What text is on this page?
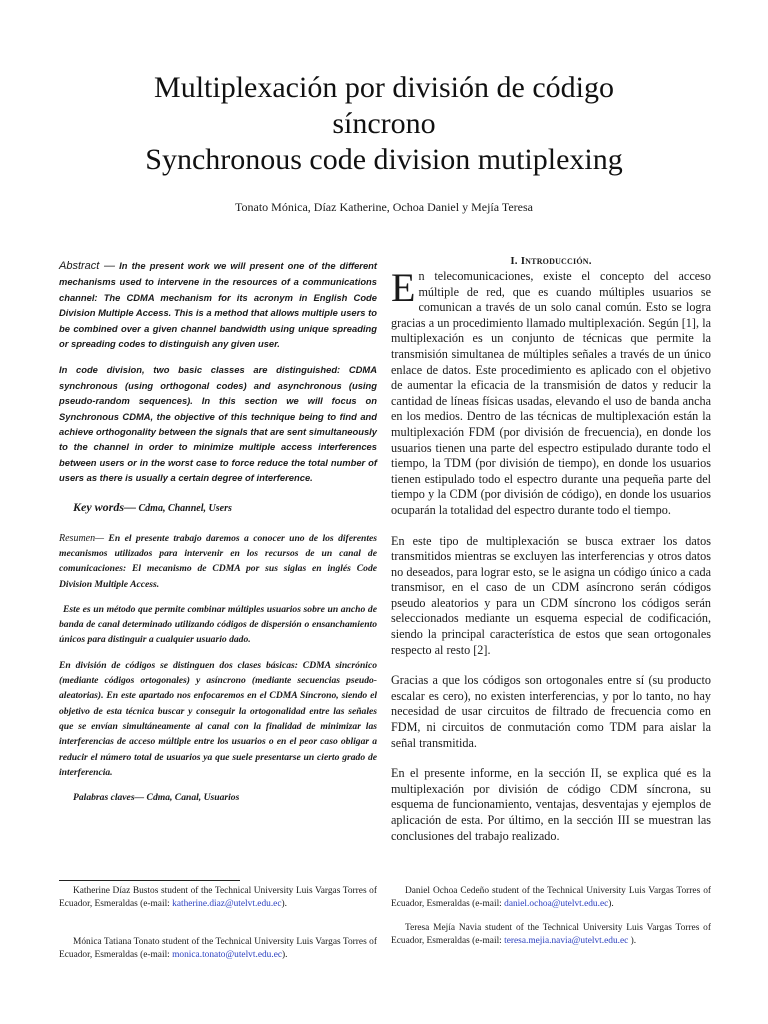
Multiplexación por división de código
síncrono
Synchronous code division mutiplexing
Tonato Mónica, Díaz Katherine, Ochoa Daniel y Mejía Teresa

Abstract — In the present work we will present one of the different mechanisms used to intervene in the resources of a communications channel: The CDMA mechanism for its acronym in English Code Division Multiple Access. This is a method that allows multiple users to be combined over a given channel bandwidth using unique spreading or spreading codes to distinguish any given user.

In code division, two basic classes are distinguished: CDMA synchronous (using orthogonal codes) and asynchronous (using pseudo-random sequences). In this section we will focus on Synchronous CDMA, the objective of this technique being to find and achieve orthogonality between the signals that are sent simultaneously to the channel in order to minimize multiple access interferences between users or in the worst case to force reduce the total number of users as there is usually a certain degree of interference.

Key words— Cdma, Channel, Users

Resumen— En el presente trabajo daremos a conocer uno de los diferentes mecanismos utilizados para intervenir en los recursos de un canal de comunicaciones: El mecanismo de CDMA por sus siglas en inglés Code Division Multiple Access.

Este es un método que permite combinar múltiples usuarios sobre un ancho de banda de canal determinado utilizando códigos de dispersión o ensanchamiento únicos para distinguir a cualquier usuario dado.

En división de códigos se distinguen dos clases básicas: CDMA sincrónico (mediante códigos ortogonales) y asíncrono (mediante secuencias pseudo-aleatorias). En este apartado nos enfocaremos en el CDMA Síncrono, siendo el objetivo de esta técnica buscar y conseguir la ortogonalidad entre las señales que se envían simultáneamente al canal con la finalidad de minimizar las interferencias de acceso múltiple entre los usuarios o en el peor caso obligar a reducir el número total de usuarios ya que suele presentarse un cierto grado de interferencia.

Palabras claves— Cdma, Canal, Usuarios
I. Introducción.

En telecomunicaciones, existe el concepto del acceso múltiple de red, que es cuando múltiples usuarios se comunican a través de un solo canal común. Esto se logra gracias a un procedimiento llamado multiplexación. Según [1], la multiplexación es un conjunto de técnicas que permite la transmisión simultanea de múltiples señales a través de un único enlace de datos. Este procedimiento es aplicado con el objetivo de aumentar la eficacia de la transmisión de datos y reducir la cantidad de líneas físicas usadas, elevando el uso de banda ancha en los medios. Dentro de las técnicas de multiplexación están la multiplexación FDM (por división de frecuencia), en donde los usuarios tienen una parte del espectro estipulado durante todo el tiempo, la TDM (por división de tiempo), en donde los usuarios tienen estipulado todo el espectro durante una pequeña parte del tiempo y la CDM (por división de código), en donde los usuarios ocuparán la totalidad del espectro durante todo el tiempo.

En este tipo de multiplexación se busca extraer los datos transmitidos mientras se excluyen las interferencias y otros datos no deseados, para lograr esto, se le asigna un código único a cada transmisor, en el caso de un CDM asíncrono serán códigos pseudo aleatorios y para un CDM síncrono los códigos serán seleccionados mediante un esquema especial de codificación, siendo la principal característica de estos que sean ortogonales respecto al resto [2].

Gracias a que los códigos son ortogonales entre sí (su producto escalar es cero), no existen interferencias, y por lo tanto, no hay necesidad de usar circuitos de filtrado de frecuencia como en FDM, ni circuitos de conmutación como TDM para aislar la señal transmitida.

En el presente informe, en la sección II, se explica qué es la multiplexación por división de código CDM síncrona, su esquema de funcionamiento, ventajas, desventajas y ejemplos de aplicación de esta. Por último, en la sección III se muestran las conclusiones del trabajo realizado.

Katherine Díaz Bustos student of the Technical University Luis Vargas Torres of Ecuador, Esmeraldas (e-mail: katherine.diaz@utelvt.edu.ec).
Mónica Tatiana Tonato student of the Technical University Luis Vargas Torres of Ecuador, Esmeraldas (e-mail: monica.tonato@utelvt.edu.ec).
Daniel Ochoa Cedeño student of the Technical University Luis Vargas Torres of Ecuador, Esmeraldas (e-mail: daniel.ochoa@utelvt.edu.ec).
Teresa Mejía Navia student of the Technical University Luis Vargas Torres of Ecuador, Esmeraldas (e-mail: teresa.mejia.navia@utelvt.edu.ec ).
